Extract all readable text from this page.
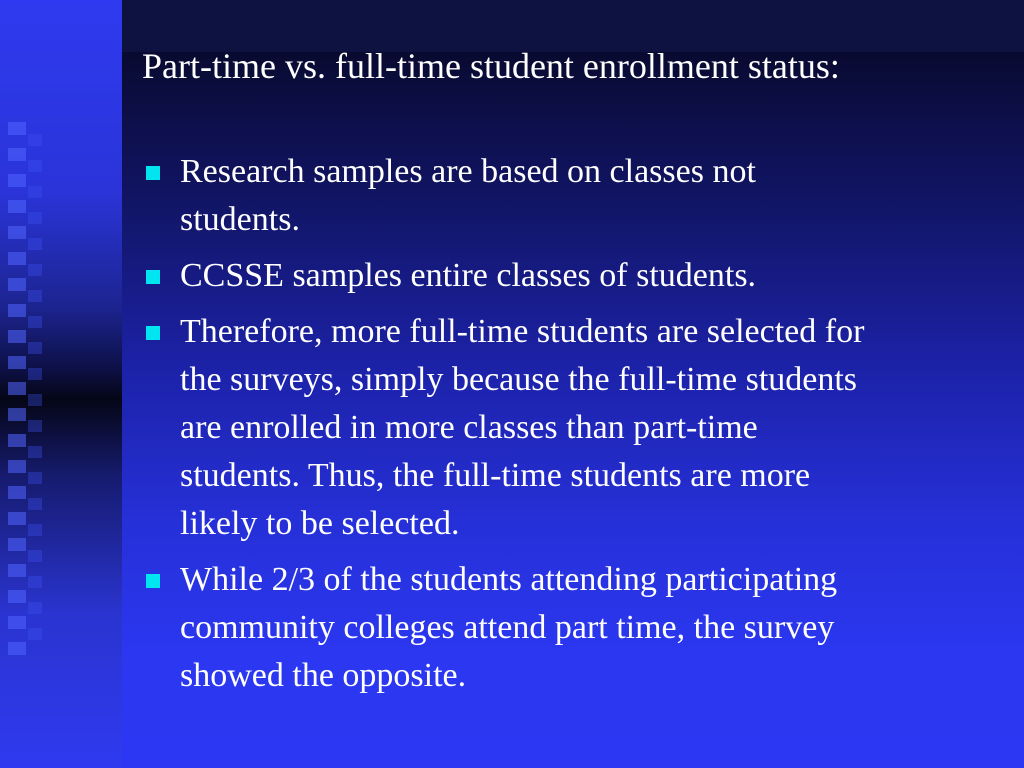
Part-time vs. full-time student enrollment status:
Research samples are based on classes not
students.
CCSSE samples entire classes of students.
Therefore, more full-time students are selected for
the surveys, simply because the full-time students
are enrolled in more classes than part-time
students. Thus, the full-time students are more
likely to be selected.
While 2/3 of the students attending participating
community colleges attend part time, the survey
showed the opposite.
